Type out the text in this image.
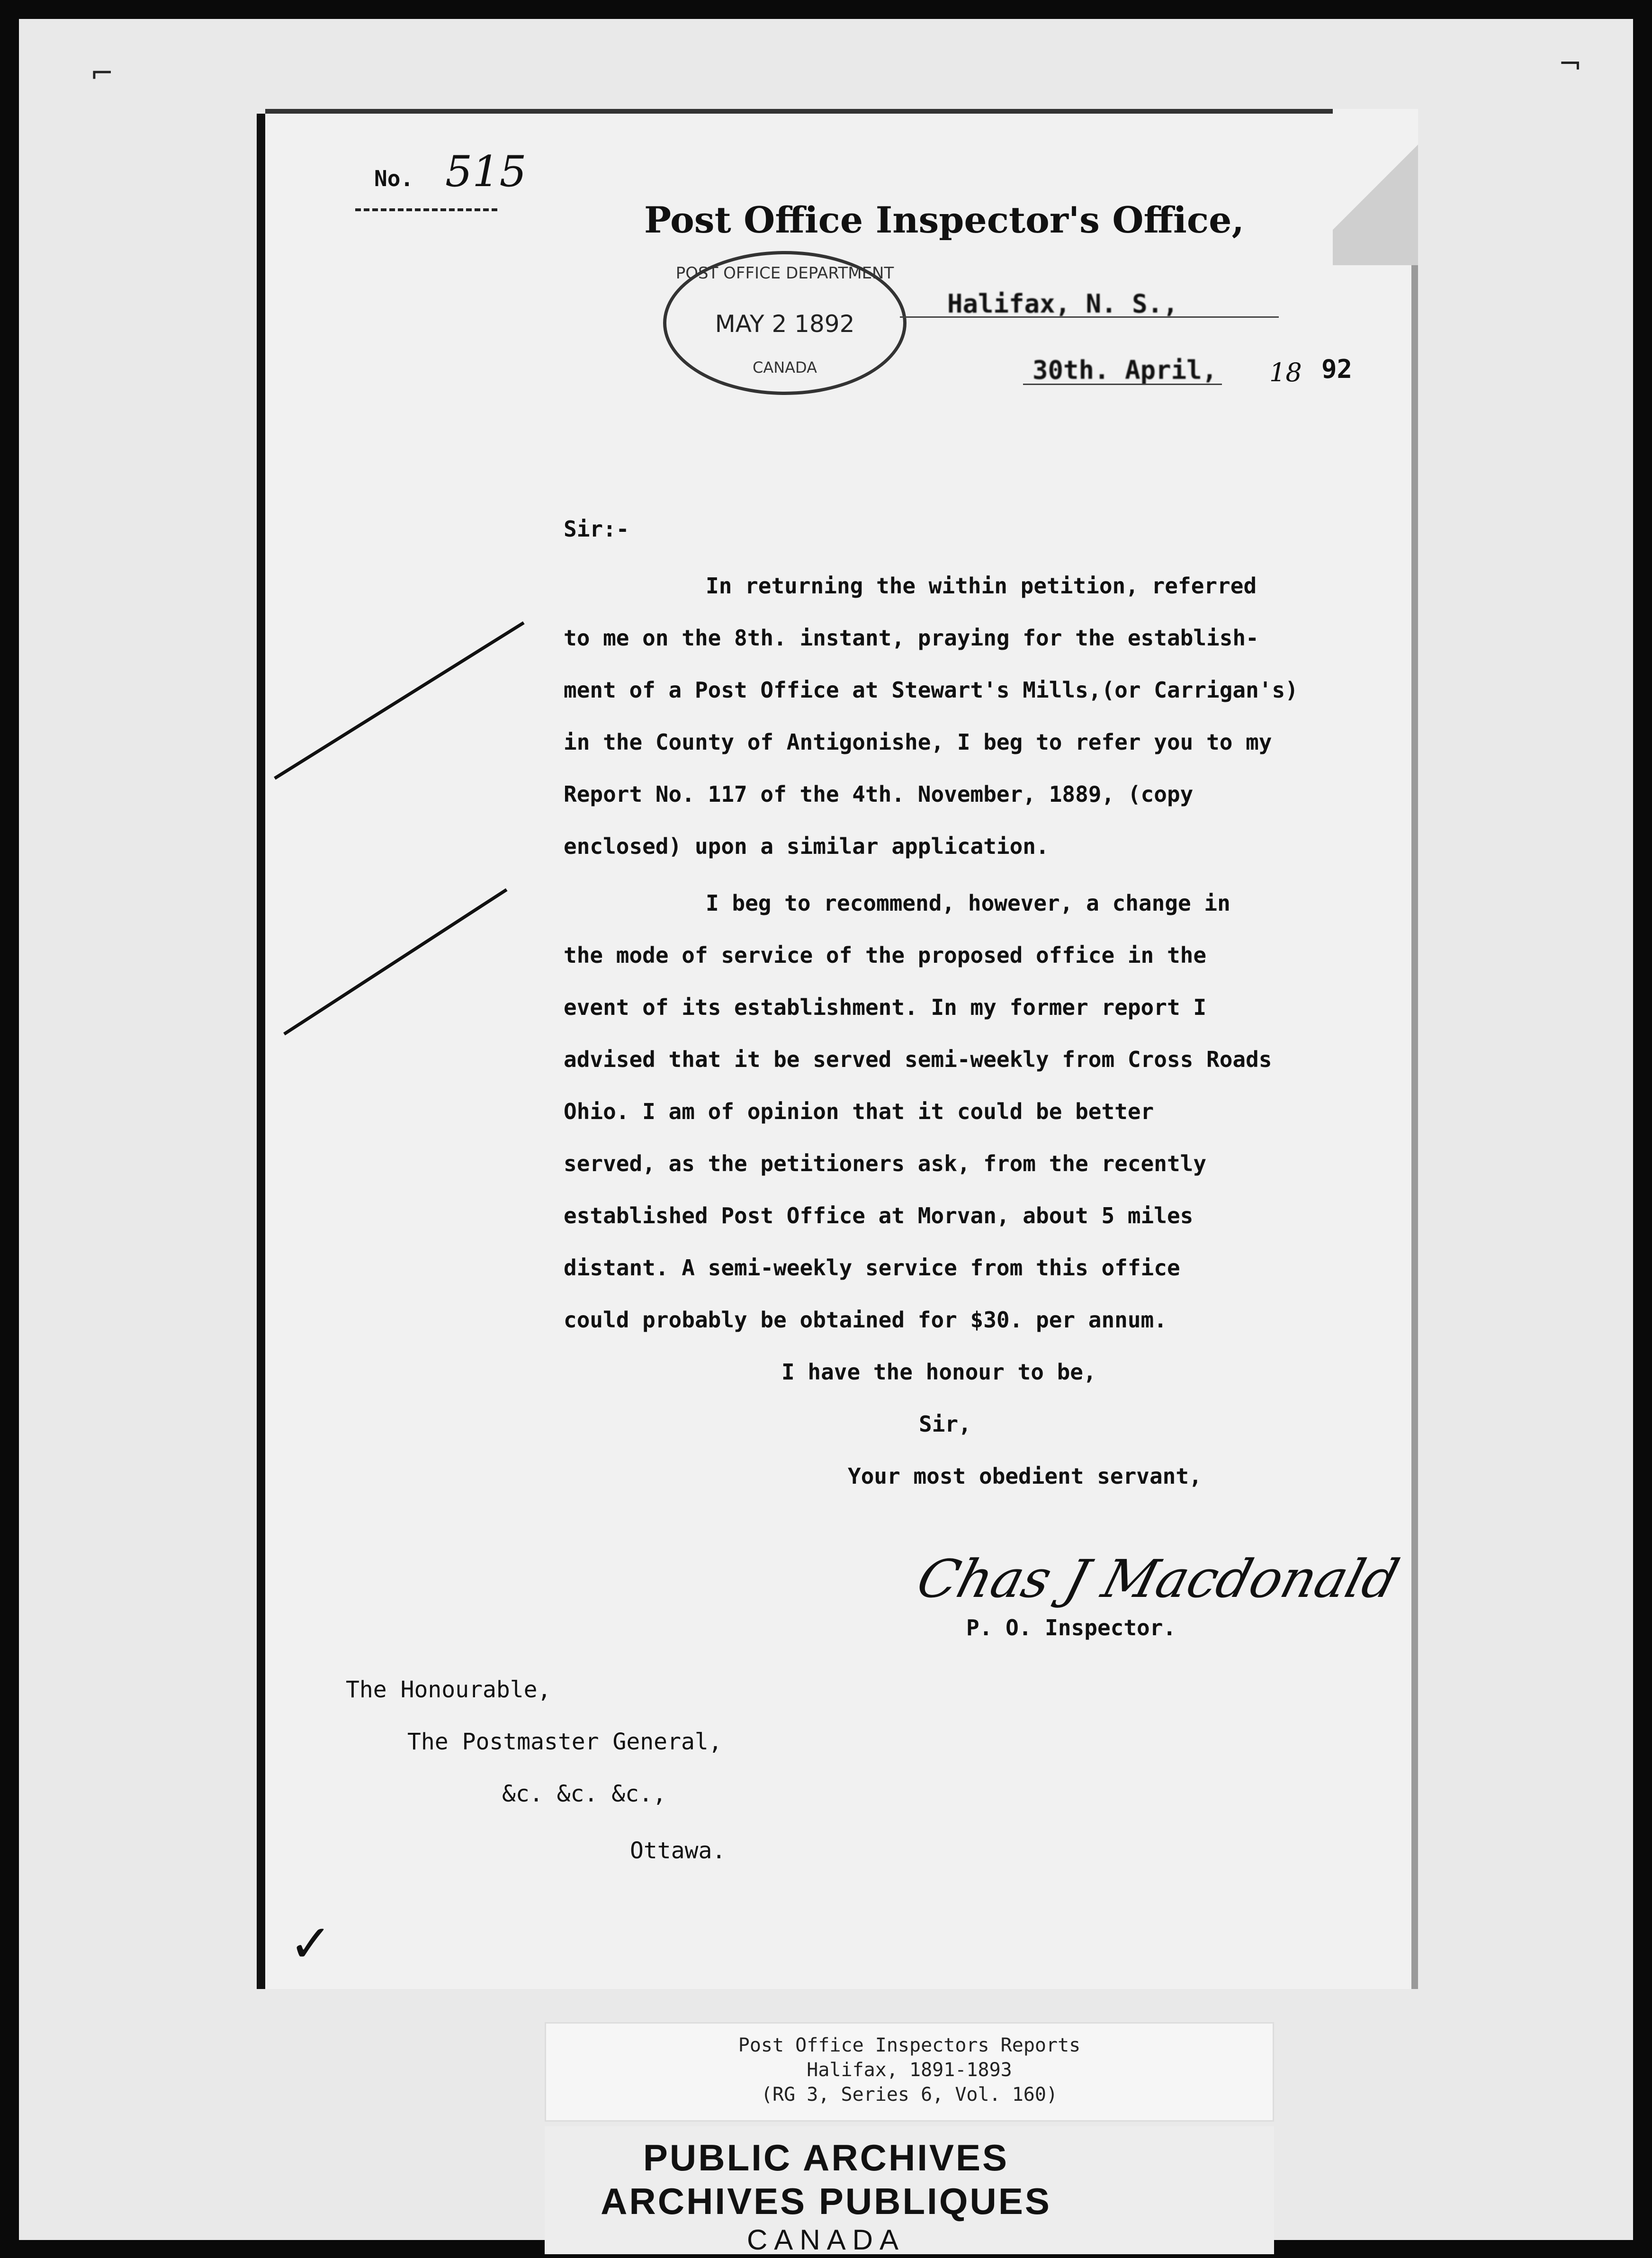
⌐	¬
No. 515
Post Office Inspector's Office,
POST OFFICE DEPARTMENT
MAY 2 1892
CANADA
Halifax, N. S.,
30th. April, 18 92
Sir:-
In returning the within petition, referred
to me on the 8th. instant, praying for the establish-
ment of a Post Office at Stewart's Mills,(or Carrigan's)
in the County of Antigonishe, I beg to refer you to my
Report No. 117 of the 4th. November, 1889, (copy
enclosed) upon a similar application.
I beg to recommend, however, a change in
the mode of service of the proposed office in the
event of its establishment. In my former report I
advised that it be served semi-weekly from Cross Roads
Ohio. I am of opinion that it could be better
served, as the petitioners ask, from the recently
established Post Office at Morvan, about 5 miles
distant. A semi-weekly service from this office
could probably be obtained for $30. per annum.
I have the honour to be,
Sir,
Your most obedient servant,
Chas J Macdonald
P. O. Inspector.
✓
The Honourable,
The Postmaster General,
&c. &c. &c.,
Ottawa.
Post Office Inspectors Reports
Halifax, 1891-1893
(RG 3, Series 6, Vol. 160)
PUBLIC ARCHIVES
ARCHIVES PUBLIQUES
CANADA
